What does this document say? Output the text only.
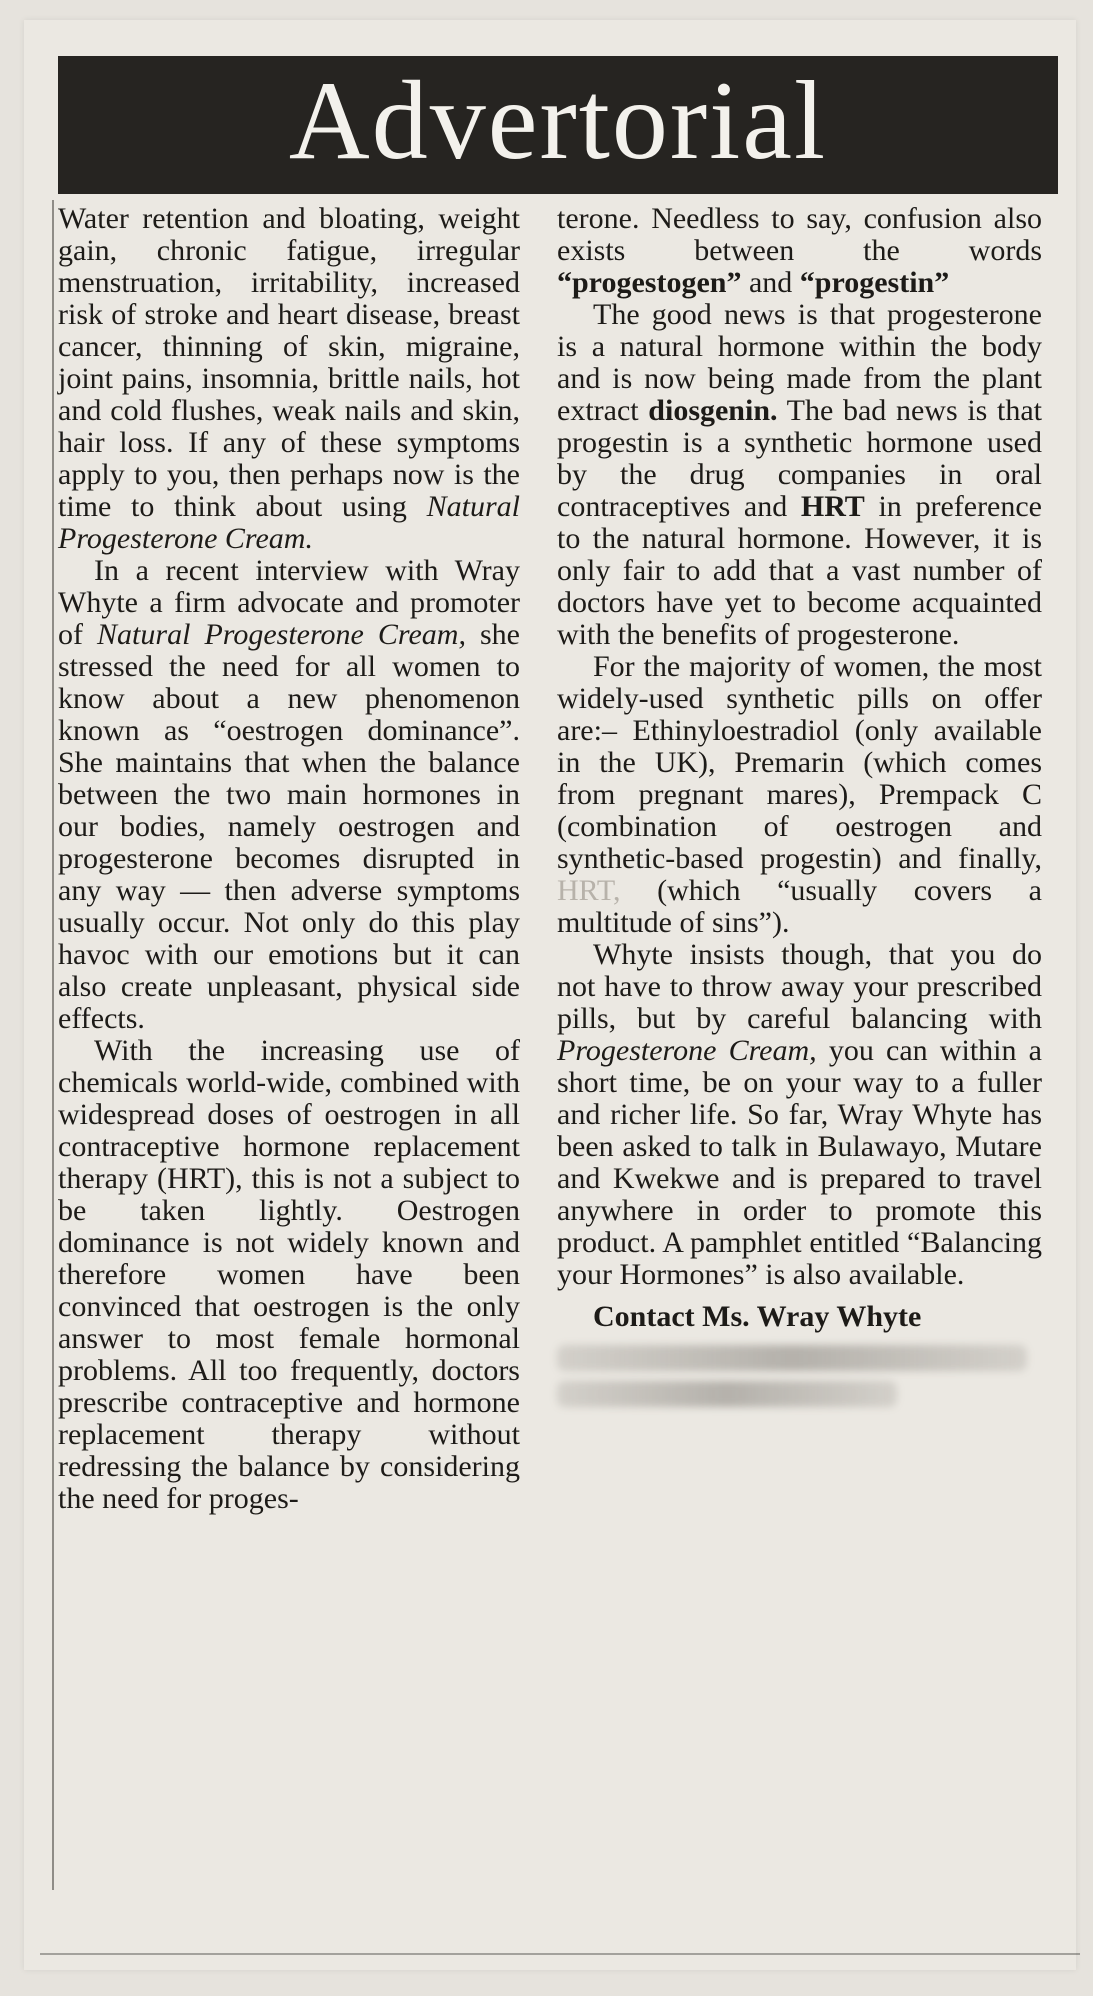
Advertorial

Water retention and bloating, weight gain, chronic fatigue, irregular menstruation, irritability, increased risk of stroke and heart disease, breast cancer, thinning of skin, migraine, joint pains, insomnia, brittle nails, hot and cold flushes, weak nails and skin, hair loss. If any of these symptoms apply to you, then perhaps now is the time to think about using Natural Progesterone Cream.

In a recent interview with Wray Whyte a firm advocate and promoter of Natural Progesterone Cream, she stressed the need for all women to know about a new phenomenon known as “oestrogen dominance”. She maintains that when the balance between the two main hormones in our bodies, namely oestrogen and progesterone becomes disrupted in any way — then adverse symptoms usually occur. Not only do this play havoc with our emotions but it can also create unpleasant, physical side effects.

With the increasing use of chemicals world-wide, combined with widespread doses of oestrogen in all contraceptive hormone replacement therapy (HRT), this is not a subject to be taken lightly. Oestrogen dominance is not widely known and therefore women have been convinced that oestrogen is the only answer to most female hormonal problems. All too frequently, doctors prescribe contraceptive and hormone replacement therapy without redressing the balance by considering the need for proges-

terone. Needless to say, confusion also exists between the words “progestogen” and “progestin”

The good news is that progesterone is a natural hormone within the body and is now being made from the plant extract diosgenin. The bad news is that progestin is a synthetic hormone used by the drug companies in oral contraceptives and HRT in preference to the natural hormone. However, it is only fair to add that a vast number of doctors have yet to become acquainted with the benefits of progesterone.

For the majority of women, the most widely-used synthetic pills on offer are:– Ethinyloestradiol (only available in the UK), Premarin (which comes from pregnant mares), Prempack C (combination of oestrogen and synthetic-based progestin) and finally, HRT, (which “usually covers a multitude of sins”).

Whyte insists though, that you do not have to throw away your prescribed pills, but by careful balancing with Progesterone Cream, you can within a short time, be on your way to a fuller and richer life. So far, Wray Whyte has been asked to talk in Bulawayo, Mutare and Kwekwe and is prepared to travel anywhere in order to promote this product. A pamphlet entitled “Balancing your Hormones” is also available.

Contact Ms. Wray Whyte
